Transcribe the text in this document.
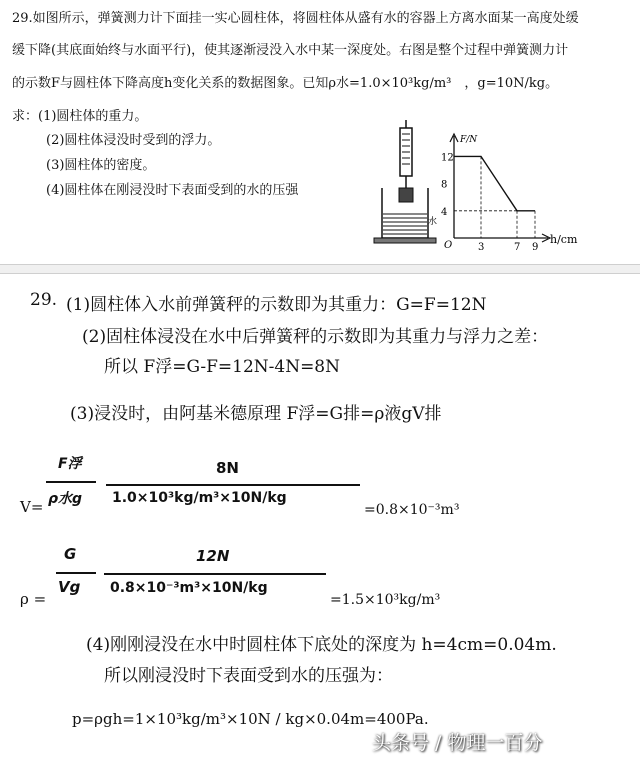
29.如图所示，弹簧测力计下面挂一实心圆柱体，将圆柱体从盛有水的容器上方离水面某一高度处缓
缓下降(其底面始终与水面平行)，使其逐渐浸没入水中某一深度处。右图是整个过程中弹簧测力计
的示数F与圆柱体下降高度h变化关系的数据图象。已知ρ水=1.0×10³kg/m³　，g=10N/kg。
求：(1)圆柱体的重力。
(2)圆柱体浸没时受到的浮力。
(3)圆柱体的密度。
(4)圆柱体在刚浸没时下表面受到的水的压强
水
F/N
h/cm
O
12
8
4
3	7 9
29. (1)圆柱体入水前弹簧秤的示数即为其重力：G=F=12N
(2)固柱体浸没在水中后弹簧秤的示数即为其重力与浮力之差：
所以 F浮=G-F=12N-4N=8N
(3)浸没时，由阿基米德原理 F浮=G排=ρ液gV排
V=
F浮
ρ水g
8N
1.0×10³kg/m³×10N/kg
=0.8×10⁻³m³
ρ =
G
Vg
12N
0.8×10⁻³m³×10N/kg
=1.5×10³kg/m³
(4)刚刚浸没在水中时圆柱体下底处的深度为 h=4cm=0.04m.
所以刚浸没时下表面受到水的压强为：
p=ρgh=1×10³kg/m³×10N / kg×0.04m=400Pa.
头条号 / 物理一百分
